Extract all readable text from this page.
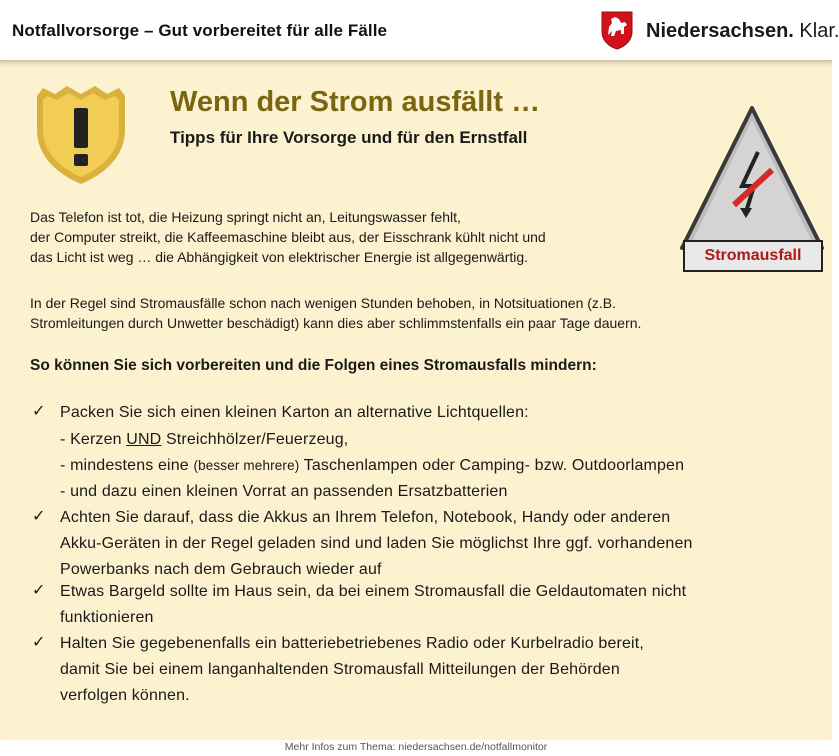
Notfallvorsorge – Gut vorbereitet für alle Fälle	Niedersachsen. Klar.
Wenn der Strom ausfällt …
Tipps für Ihre Vorsorge und für den Ernstfall
Stromausfall
Das Telefon ist tot, die Heizung springt nicht an, Leitungswasser fehlt,
der Computer streikt, die Kaffeemaschine bleibt aus, der Eisschrank kühlt nicht und
das Licht ist weg … die Abhängigkeit von elektrischer Energie ist allgegenwärtig.
In der Regel sind Stromausfälle schon nach wenigen Stunden behoben, in Notsituationen (z.B.
Stromleitungen durch Unwetter beschädigt) kann dies aber schlimmstenfalls ein paar Tage dauern.
So können Sie sich vorbereiten und die Folgen eines Stromausfalls mindern:
✓ Packen Sie sich einen kleinen Karton an alternative Lichtquellen:
- Kerzen UND Streichhölzer/Feuerzeug,
- mindestens eine (besser mehrere) Taschenlampen oder Camping- bzw. Outdoorlampen
- und dazu einen kleinen Vorrat an passenden Ersatzbatterien
✓ Achten Sie darauf, dass die Akkus an Ihrem Telefon, Notebook, Handy oder anderen
Akku-Geräten in der Regel geladen sind und laden Sie möglichst Ihre ggf. vorhandenen
Powerbanks nach dem Gebrauch wieder auf
✓ Etwas Bargeld sollte im Haus sein, da bei einem Stromausfall die Geldautomaten nicht
funktionieren
✓ Halten Sie gegebenenfalls ein batteriebetriebenes Radio oder Kurbelradio bereit,
damit Sie bei einem langanhaltenden Stromausfall Mitteilungen der Behörden
verfolgen können.
Mehr Infos zum Thema: niedersachsen.de/notfallmonitor
